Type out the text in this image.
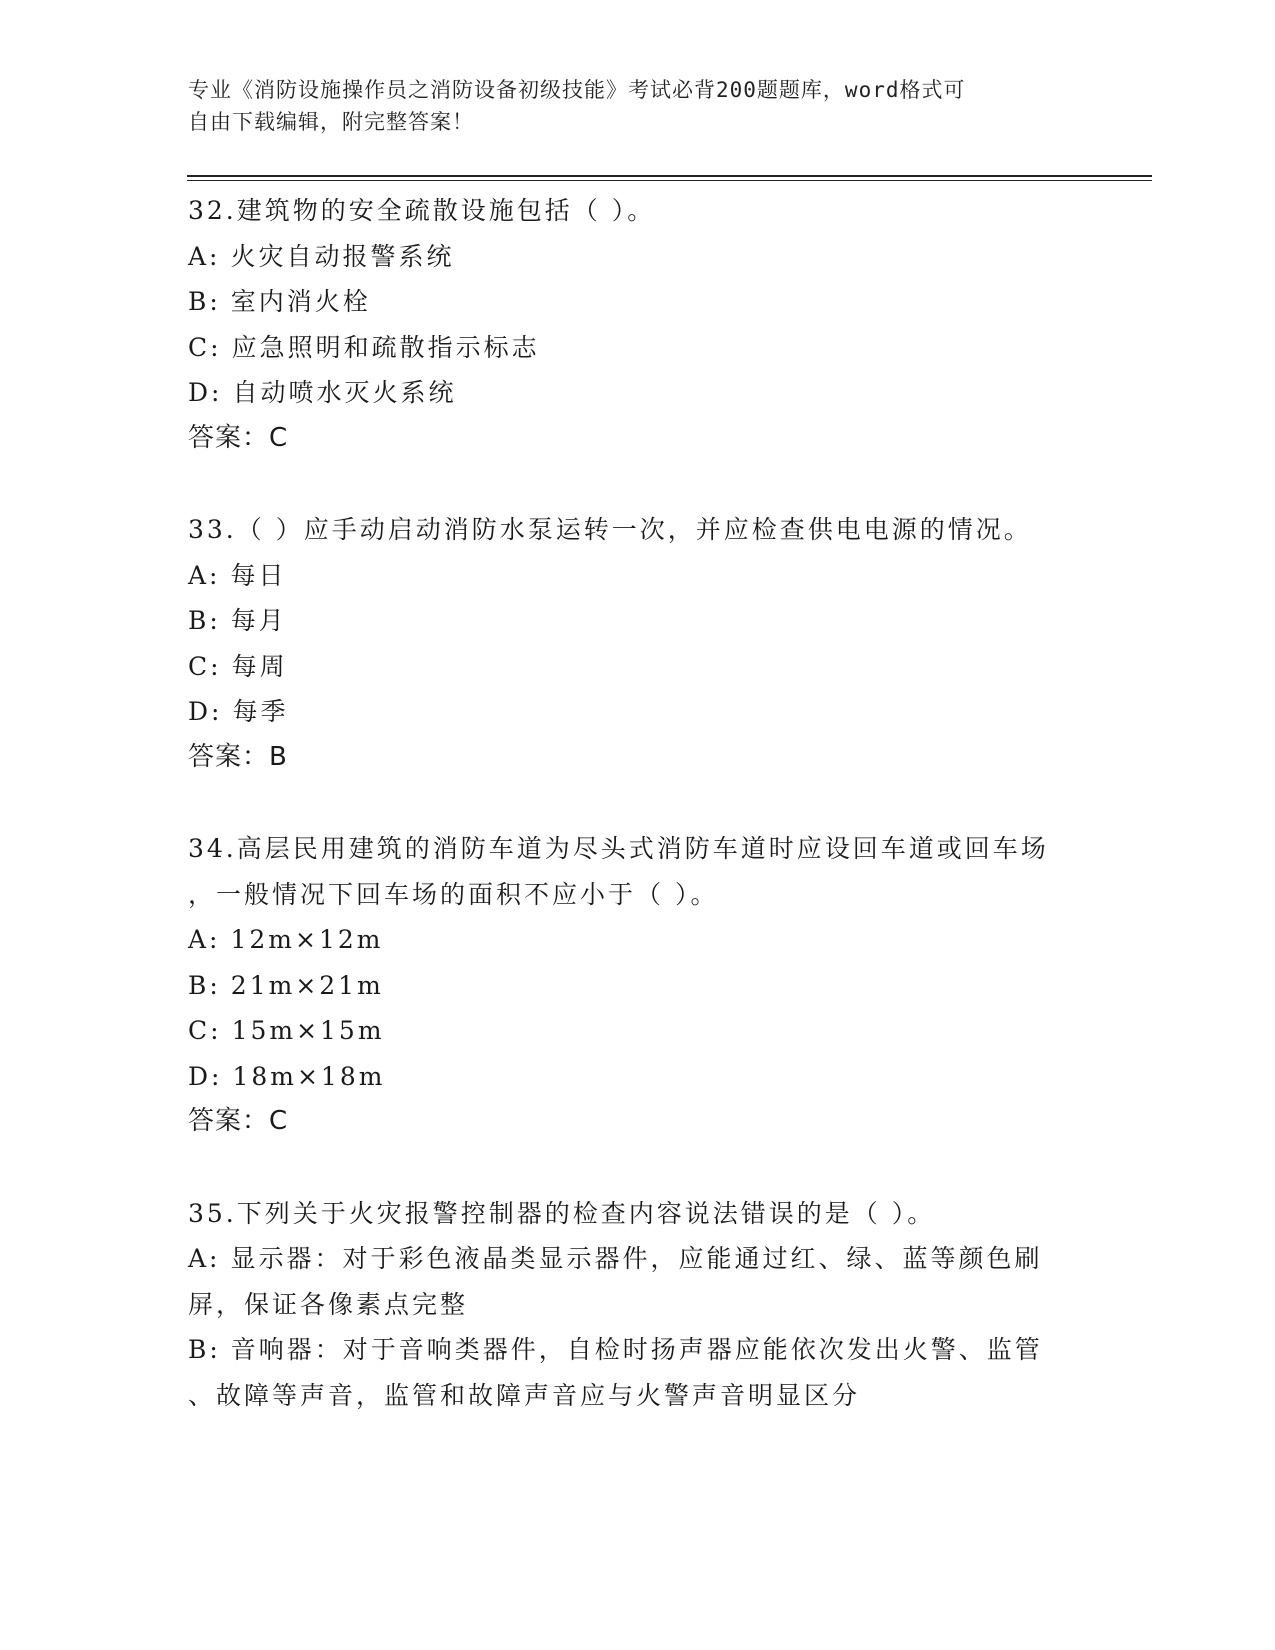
专业《消防设施操作员之消防设备初级技能》考试必背200题题库，word格式可
自由下载编辑，附完整答案！
32.建筑物的安全疏散设施包括（ ）。
A: 火灾自动报警系统
B: 室内消火栓
C: 应急照明和疏散指示标志
D: 自动喷水灭火系统
答案：C
33.（ ）应手动启动消防水泵运转一次，并应检查供电电源的情况。
A: 每日
B: 每月
C: 每周
D: 每季
答案：B
34.高层民用建筑的消防车道为尽头式消防车道时应设回车道或回车场
，一般情况下回车场的面积不应小于（ ）。
A: 12m×12m
B: 21m×21m
C: 15m×15m
D: 18m×18m
答案：C
35.下列关于火灾报警控制器的检查内容说法错误的是（ ）。
A: 显示器：对于彩色液晶类显示器件，应能通过红、绿、蓝等颜色刷
屏，保证各像素点完整
B: 音响器：对于音响类器件，自检时扬声器应能依次发出火警、监管
、故障等声音，监管和故障声音应与火警声音明显区分
